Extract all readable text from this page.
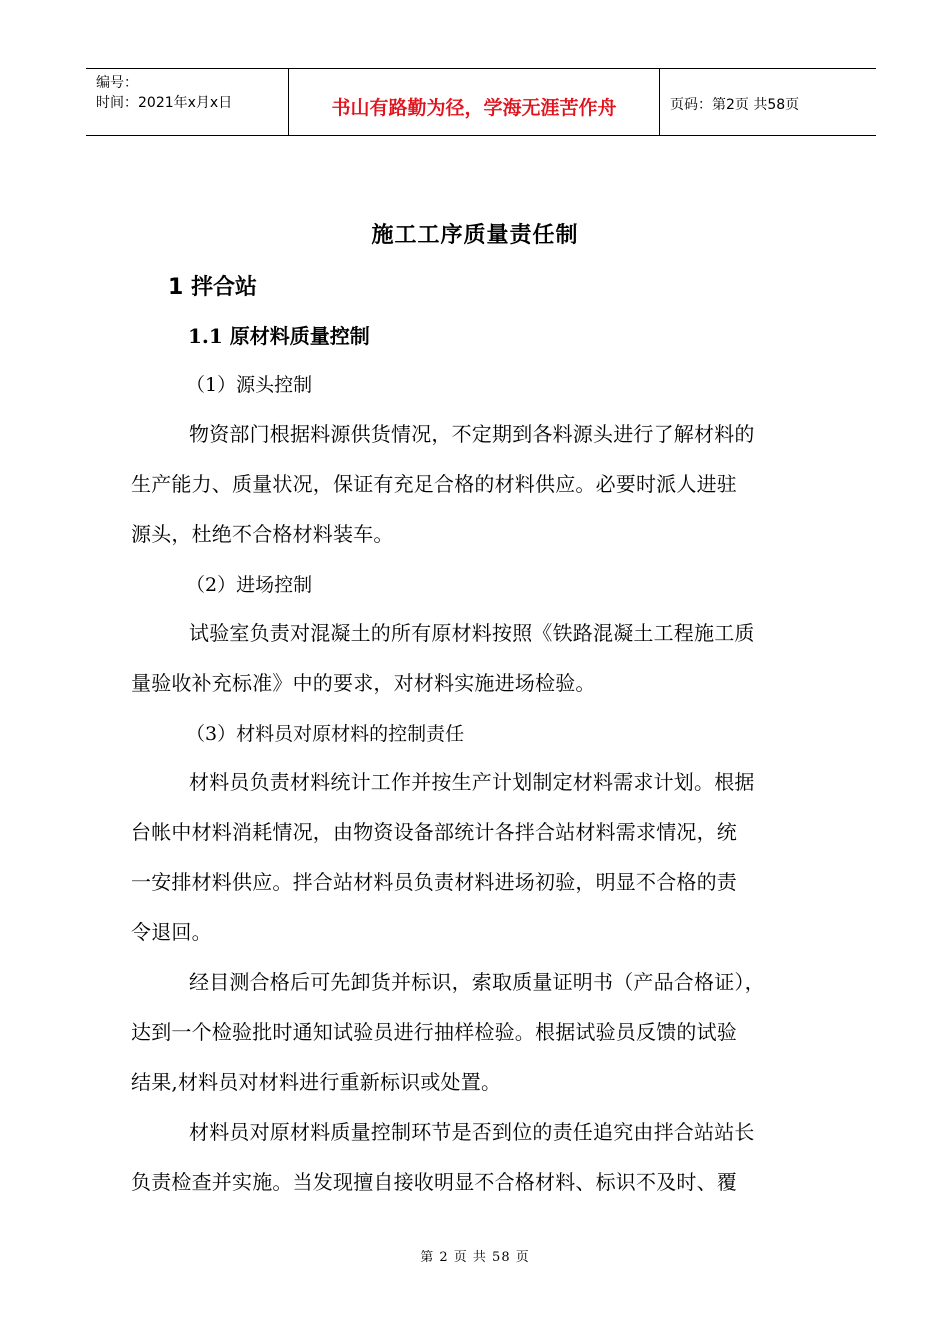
编号：
时间：2021年x月x日	书山有路勤为径，学海无涯苦作舟	页码：第2页 共58页
施工工序质量责任制
1 拌合站
1.1 原材料质量控制
（1）源头控制
物资部门根据料源供货情况，不定期到各料源头进行了解材料的
生产能力、质量状况，保证有充足合格的材料供应。必要时派人进驻
源头，杜绝不合格材料装车。
（2）进场控制
试验室负责对混凝土的所有原材料按照《铁路混凝土工程施工质
量验收补充标准》中的要求，对材料实施进场检验。
（3）材料员对原材料的控制责任
材料员负责材料统计工作并按生产计划制定材料需求计划。根据
台帐中材料消耗情况，由物资设备部统计各拌合站材料需求情况，统
一安排材料供应。拌合站材料员负责材料进场初验，明显不合格的责
令退回。
经目测合格后可先卸货并标识，索取质量证明书（产品合格证），
达到一个检验批时通知试验员进行抽样检验。根据试验员反馈的试验
结果,材料员对材料进行重新标识或处置。
材料员对原材料质量控制环节是否到位的责任追究由拌合站站长
负责检查并实施。当发现擅自接收明显不合格材料、标识不及时、覆
第 2 页 共 58 页
